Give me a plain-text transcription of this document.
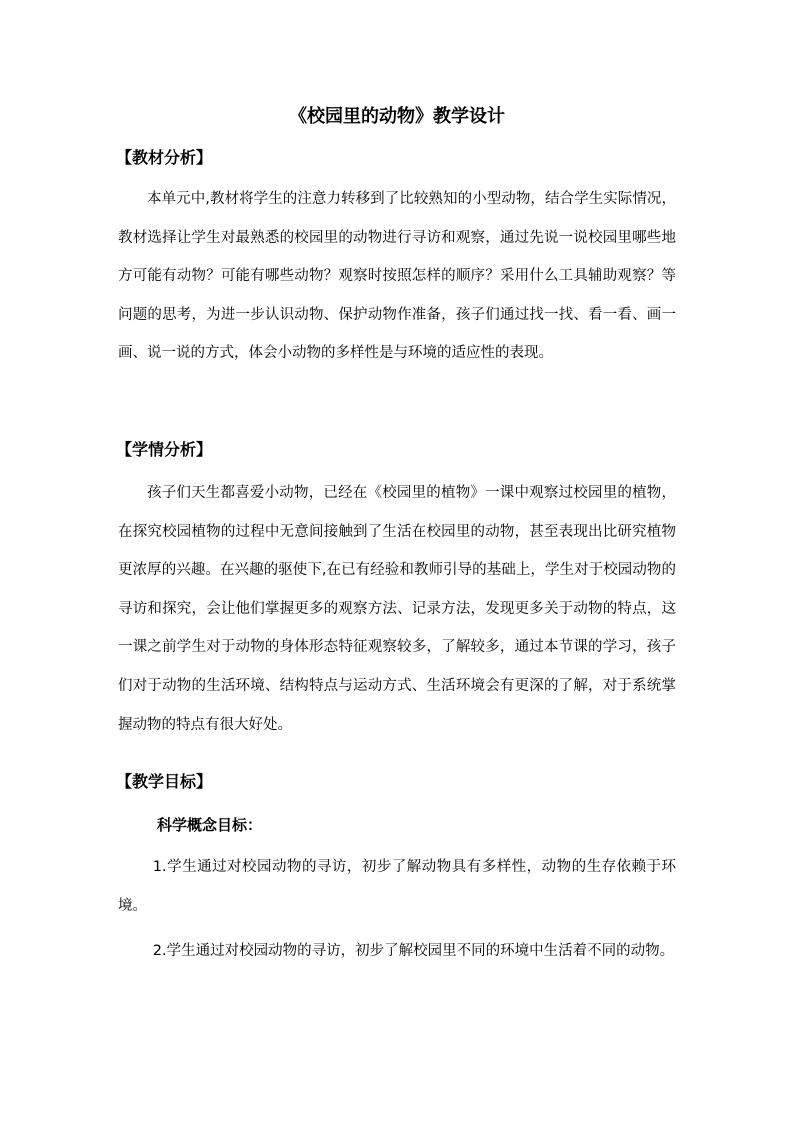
《校园里的动物》教学设计
【教材分析】

本单元中,教材将学生的注意力转移到了比较熟知的小型动物，结合学生实际情况，教材选择让学生对最熟悉的校园里的动物进行寻访和观察，通过先说一说校园里哪些地方可能有动物？可能有哪些动物？观察时按照怎样的顺序？采用什么工具辅助观察？等问题的思考，为进一步认识动物、保护动物作准备，孩子们通过找一找、看一看、画一画、说一说的方式，体会小动物的多样性是与环境的适应性的表现。

【学情分析】

孩子们天生都喜爱小动物，已经在《校园里的植物》一课中观察过校园里的植物，在探究校园植物的过程中无意间接触到了生活在校园里的动物，甚至表现出比研究植物更浓厚的兴趣。在兴趣的驱使下,在已有经验和教师引导的基础上，学生对于校园动物的寻访和探究，会让他们掌握更多的观察方法、记录方法，发现更多关于动物的特点，这一课之前学生对于动物的身体形态特征观察较多，了解较多，通过本节课的学习，孩子们对于动物的生活环境、结构特点与运动方式、生活环境会有更深的了解，对于系统掌握动物的特点有很大好处。

【教学目标】
科学概念目标：

1.学生通过对校园动物的寻访，初步了解动物具有多样性，动物的生存依赖于环境。

2.学生通过对校园动物的寻访，初步了解校园里不同的环境中生活着不同的动物。
